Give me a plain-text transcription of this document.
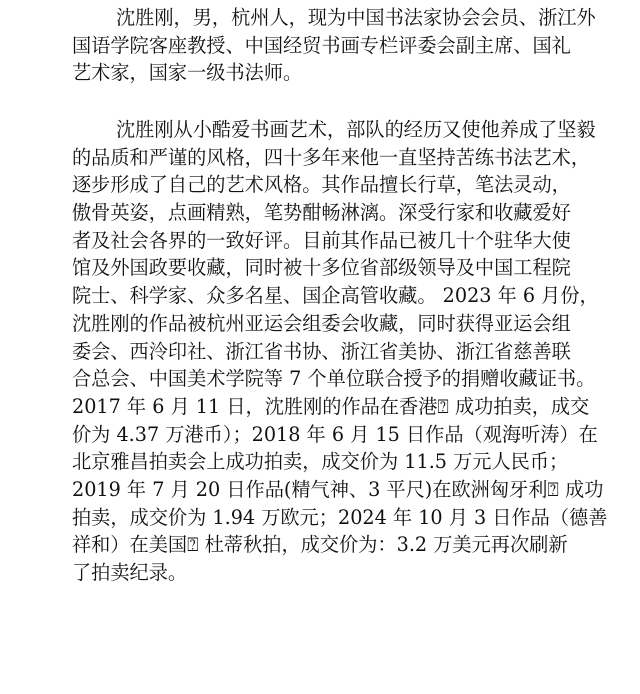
沈胜刚，男，杭州人，现为中国书法家协会会员、浙江外
国语学院客座教授、中国经贸书画专栏评委会副主席、国礼
艺术家，国家一级书法师。
沈胜刚从小酷爱书画艺术，部队的经历又使他养成了坚毅
的品质和严谨的风格，四十多年来他一直坚持苦练书法艺术，
逐步形成了自己的艺术风格。其作品擅长行草，笔法灵动，
傲骨英姿，点画精熟，笔势酣畅淋漓。深受行家和收藏爱好
者及社会各界的一致好评。目前其作品已被几十个驻华大使
馆及外国政要收藏，同时被十多位省部级领导及中国工程院
院士、科学家、众多名星、国企高管收藏。 2023 年 6 月份，
沈胜刚的作品被杭州亚运会组委会收藏，同时获得亚运会组
委会、西泠印社、浙江省书协、浙江省美协、浙江省慈善联
合总会、中国美术学院等 7 个单位联合授予的捐赠收藏证书。
2017 年 6 月 11 日，沈胜刚的作品在香港⍰ 成功拍卖，成交
价为 4.37 万港币）；2018 年 6 月 15 日作品（观海听涛）在
北京雅昌拍卖会上成功拍卖，成交价为 11.5 万元人民币；
2019 年 7 月 20 日作品(精气神、3 平尺)在欧洲匈牙利⍰ 成功
拍卖，成交价为 1.94 万欧元；2024 年 10 月 3 日作品（德善
祥和）在美国⍰ 杜蒂秋拍，成交价为：3.2 万美元再次刷新
了拍卖纪录。
